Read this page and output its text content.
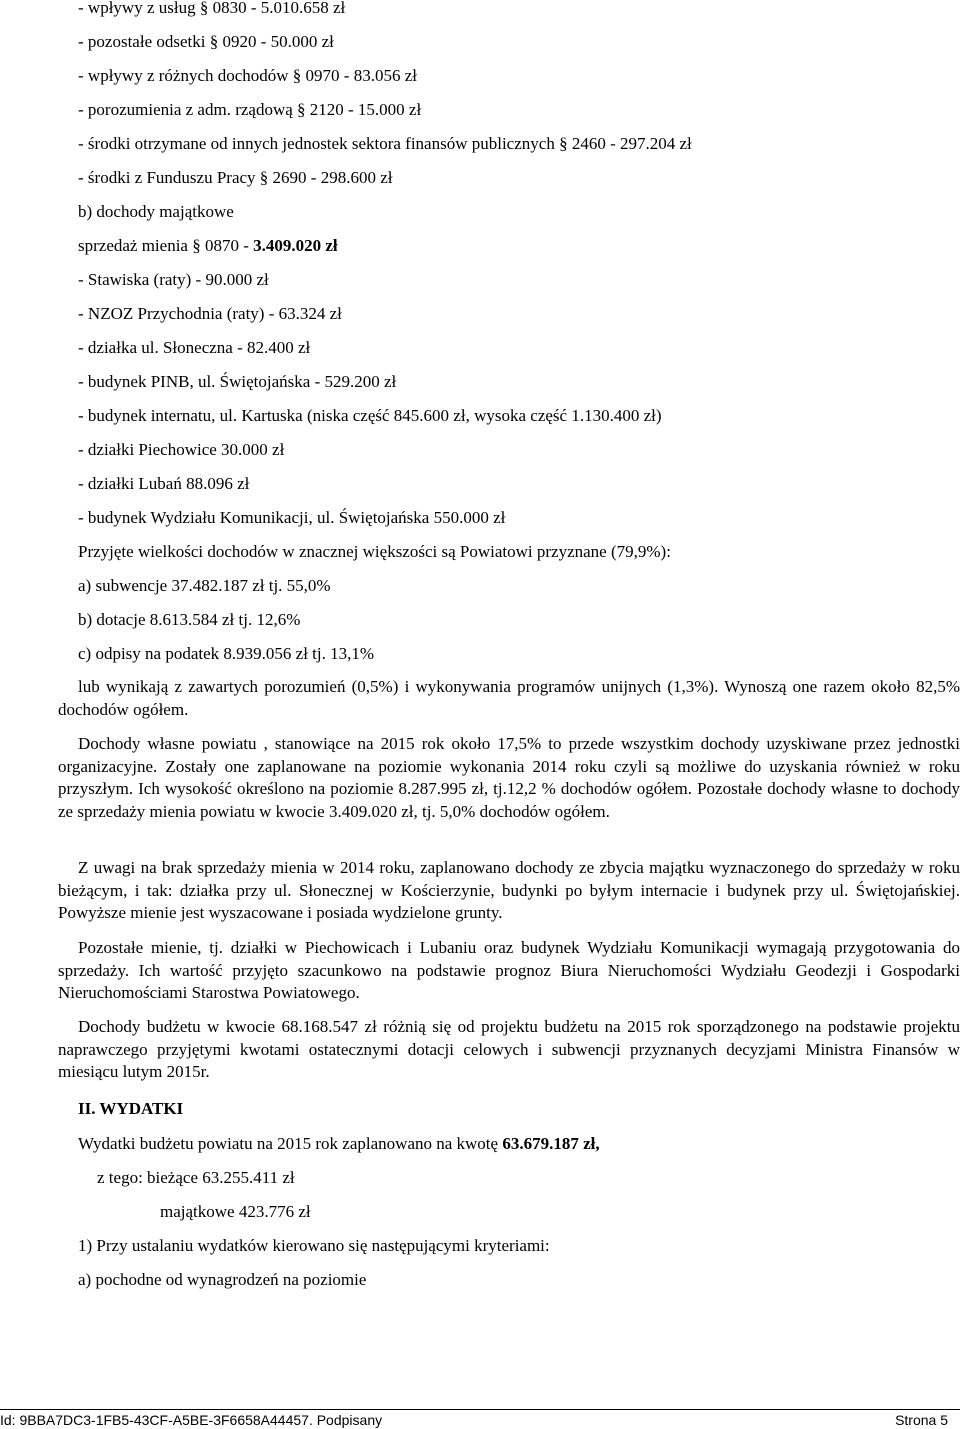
- wpływy z usług § 0830 - 5.010.658 zł
- pozostałe odsetki § 0920 - 50.000 zł
- wpływy z różnych dochodów § 0970 - 83.056 zł
- porozumienia z adm. rządową § 2120 - 15.000 zł
- środki otrzymane od innych jednostek sektora finansów publicznych § 2460 - 297.204 zł
- środki z Funduszu Pracy § 2690 - 298.600 zł
b) dochody majątkowe
sprzedaż mienia § 0870 - 3.409.020 zł
- Stawiska (raty) - 90.000 zł
- NZOZ Przychodnia (raty) - 63.324 zł
- działka ul. Słoneczna - 82.400 zł
- budynek PINB, ul. Świętojańska - 529.200 zł
- budynek internatu, ul. Kartuska (niska część 845.600 zł, wysoka część 1.130.400 zł)
- działki Piechowice 30.000 zł
- działki Lubań 88.096 zł
- budynek Wydziału Komunikacji, ul. Świętojańska 550.000 zł
Przyjęte wielkości dochodów w znacznej większości są Powiatowi przyznane (79,9%):
a) subwencje 37.482.187 zł tj. 55,0%
b) dotacje 8.613.584 zł tj. 12,6%
c) odpisy na podatek 8.939.056 zł tj. 13,1%
lub wynikają z zawartych porozumień (0,5%) i wykonywania programów unijnych (1,3%). Wynoszą one razem około 82,5% dochodów ogółem.
Dochody własne powiatu , stanowiące na 2015 rok około 17,5% to przede wszystkim dochody uzyskiwane przez jednostki organizacyjne. Zostały one zaplanowane na poziomie wykonania 2014 roku czyli są możliwe do uzyskania również w roku przyszłym. Ich wysokość określono na poziomie 8.287.995 zł, tj.12,2 % dochodów ogółem. Pozostałe dochody własne to dochody ze sprzedaży mienia powiatu w kwocie 3.409.020 zł, tj. 5,0% dochodów ogółem.
Z uwagi na brak sprzedaży mienia w 2014 roku, zaplanowano dochody ze zbycia majątku wyznaczonego do sprzedaży w roku bieżącym, i tak: działka przy ul. Słonecznej w Kościerzynie, budynki po byłym internacie i budynek przy ul. Świętojańskiej. Powyższe mienie jest wyszacowane i posiada wydzielone grunty.
Pozostałe mienie, tj. działki w Piechowicach i Lubaniu oraz budynek Wydziału Komunikacji wymagają przygotowania do sprzedaży. Ich wartość przyjęto szacunkowo na podstawie prognoz Biura Nieruchomości Wydziału Geodezji i Gospodarki Nieruchomościami Starostwa Powiatowego.
Dochody budżetu w kwocie 68.168.547 zł różnią się od projektu budżetu na 2015 rok sporządzonego na podstawie projektu naprawczego przyjętymi kwotami ostatecznymi dotacji celowych i subwencji przyznanych decyzjami Ministra Finansów w miesiącu lutym 2015r.
II. WYDATKI
Wydatki budżetu powiatu na 2015 rok zaplanowano na kwotę 63.679.187 zł,
z tego: bieżące 63.255.411 zł
majątkowe 423.776 zł
1) Przy ustalaniu wydatków kierowano się następującymi kryteriami:
a) pochodne od wynagrodzeń na poziomie
Id: 9BBA7DC3-1FB5-43CF-A5BE-3F6658A44457. Podpisany	Strona 5
